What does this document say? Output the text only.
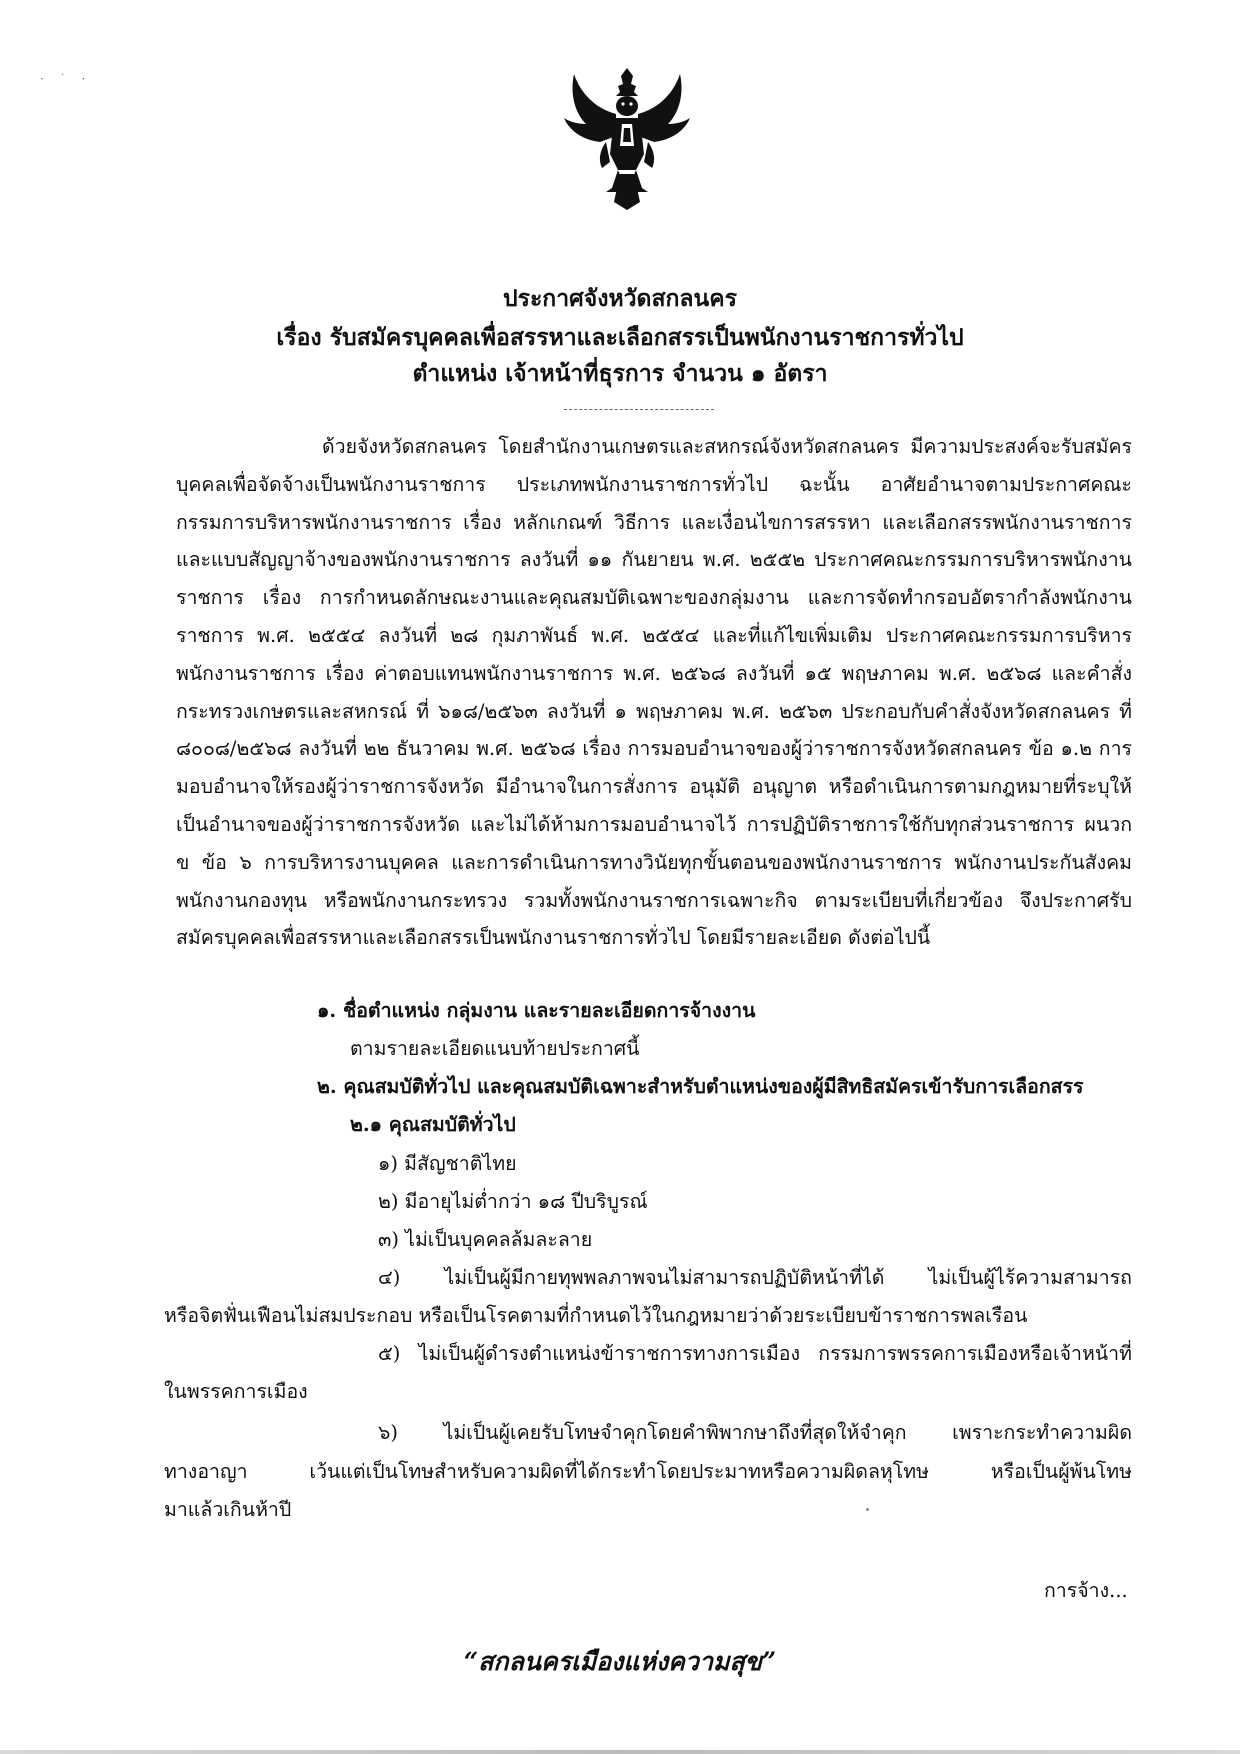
· ˙ ·
ประกาศจังหวัดสกลนคร
เรื่อง รับสมัครบุคคลเพื่อสรรหาและเลือกสรรเป็นพนักงานราชการทั่วไป
ตำแหน่ง เจ้าหน้าที่ธุรการ จำนวน ๑ อัตรา

ด้วยจังหวัดสกลนคร โดยสำนักงานเกษตรและสหกรณ์จังหวัดสกลนคร มีความประสงค์จะรับสมัครบุคคลเพื่อจัดจ้างเป็นพนักงานราชการ ประเภทพนักงานราชการทั่วไป ฉะนั้น อาศัยอำนาจตามประกาศคณะกรรมการบริหารพนักงานราชการ เรื่อง หลักเกณฑ์ วิธีการ และเงื่อนไขการสรรหา และเลือกสรรพนักงานราชการและแบบสัญญาจ้างของพนักงานราชการ ลงวันที่ ๑๑ กันยายน พ.ศ. ๒๕๕๒ ประกาศคณะกรรมการบริหารพนักงานราชการ เรื่อง การกำหนดลักษณะงานและคุณสมบัติเฉพาะของกลุ่มงาน และการจัดทำกรอบอัตรากำลังพนักงานราชการ พ.ศ. ๒๕๕๔ ลงวันที่ ๒๘ กุมภาพันธ์ พ.ศ. ๒๕๕๔ และที่แก้ไขเพิ่มเติม ประกาศคณะกรรมการบริหารพนักงานราชการ เรื่อง ค่าตอบแทนพนักงานราชการ พ.ศ. ๒๕๖๘ ลงวันที่ ๑๕ พฤษภาคม พ.ศ. ๒๕๖๘ และคำสั่งกระทรวงเกษตรและสหกรณ์ ที่ ๖๑๘/๒๕๖๓ ลงวันที่ ๑ พฤษภาคม พ.ศ. ๒๕๖๓ ประกอบกับคำสั่งจังหวัดสกลนคร ที่ ๘๐๐๘/๒๕๖๘ ลงวันที่ ๒๒ ธันวาคม พ.ศ. ๒๕๖๘ เรื่อง การมอบอำนาจของผู้ว่าราชการจังหวัดสกลนคร ข้อ ๑.๒ การมอบอำนาจให้รองผู้ว่าราชการจังหวัด มีอำนาจในการสั่งการ อนุมัติ อนุญาต หรือดำเนินการตามกฎหมายที่ระบุให้เป็นอำนาจของผู้ว่าราชการจังหวัด และไม่ได้ห้ามการมอบอำนาจไว้ การปฏิบัติราชการใช้กับทุกส่วนราชการ ผนวก ข ข้อ ๖ การบริหารงานบุคคล และการดำเนินการทางวินัยทุกขั้นตอนของพนักงานราชการ พนักงานประกันสังคม พนักงานกองทุน หรือพนักงานกระทรวง รวมทั้งพนักงานราชการเฉพาะกิจ ตามระเบียบที่เกี่ยวข้อง จึงประกาศรับสมัครบุคคลเพื่อสรรหาและเลือกสรรเป็นพนักงานราชการทั่วไป โดยมีรายละเอียด ดังต่อไปนี้

๑. ชื่อตำแหน่ง กลุ่มงาน และรายละเอียดการจ้างงาน
ตามรายละเอียดแนบท้ายประกาศนี้
๒. คุณสมบัติทั่วไป และคุณสมบัติเฉพาะสำหรับตำแหน่งของผู้มีสิทธิสมัครเข้ารับการเลือกสรร
๒.๑ คุณสมบัติทั่วไป
๑) มีสัญชาติไทย
๒) มีอายุไม่ต่ำกว่า ๑๘ ปีบริบูรณ์
๓) ไม่เป็นบุคคลล้มละลาย
๔) ไม่เป็นผู้มีกายทุพพลภาพจนไม่สามารถปฏิบัติหน้าที่ได้ ไม่เป็นผู้ไร้ความสามารถ
หรือจิตฟั่นเฟือนไม่สมประกอบ หรือเป็นโรคตามที่กำหนดไว้ในกฎหมายว่าด้วยระเบียบข้าราชการพลเรือน
๕) ไม่เป็นผู้ดำรงตำแหน่งข้าราชการทางการเมือง กรรมการพรรคการเมืองหรือเจ้าหน้าที่
ในพรรคการเมือง
๖) ไม่เป็นผู้เคยรับโทษจำคุกโดยคำพิพากษาถึงที่สุดให้จำคุก เพราะกระทำความผิด
ทางอาญา เว้นแต่เป็นโทษสำหรับความผิดที่ได้กระทำโดยประมาทหรือความผิดลหุโทษ หรือเป็นผู้พ้นโทษ
มาแล้วเกินห้าปี
การจ้าง...
“สกลนครเมืองแห่งความสุข”
